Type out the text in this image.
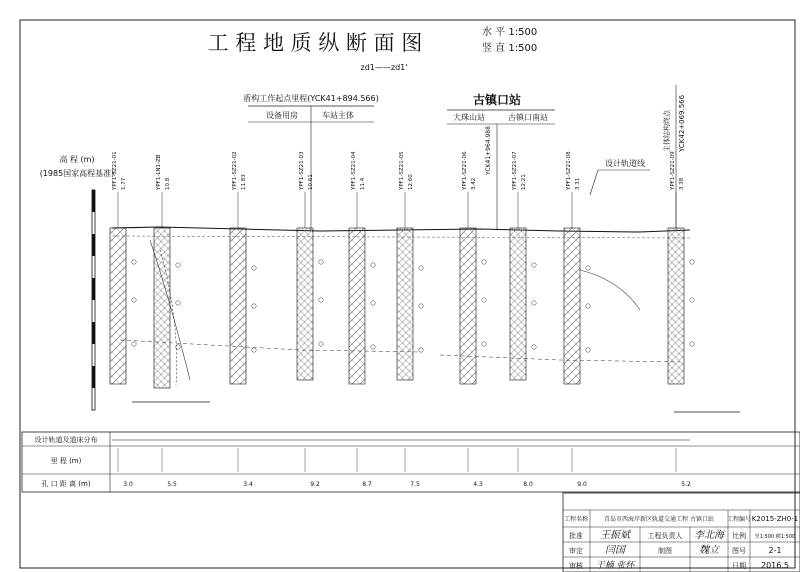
工 程 地 质 纵 断 面 图	水 平 1:500
竖 直 1:500
zd1——zd1'
盾构工作起点里程(YCK41+894.566)
设备用房	车站主体
古镇口站
大珠山站	古镇口南站
YCK41+964.988	主体结构终点 YCK42+069.566
设计轨道线
高 程 (m)
(1985国家高程基准)
YPF1-SZ21-01 1.77	YPF1-LN1-ZB 10.8	YPF1-SZ21-02 11.83	YPF1-SZ21-03 10.61	YPF1-SZ21-04 11.4	YPF1-SZ21-05 12.60	YPF1-SZ21-06 3.42	YPF1-SZ21-07 12.21	YPF1-SZ21-08 3.31	YPF1-SZ21-09 3.38
设计轨道及道床分布
里 程 (m)
孔 口 距 离 (m)	3.0	5.5	3.4	9.2	8.7	7.5	4.3	8.0	9.0	5.2
工程名称	青岛市西海岸新区轨道交通工程 古镇口站 工程编号 K2015-ZH0-1
批准 王振斌	工程负责人 李北海 比例 竖1:500 横1:500
审定 闫国	制图	魏立 图号	2-1
审核 于楠 张怀	日期 2016.5
